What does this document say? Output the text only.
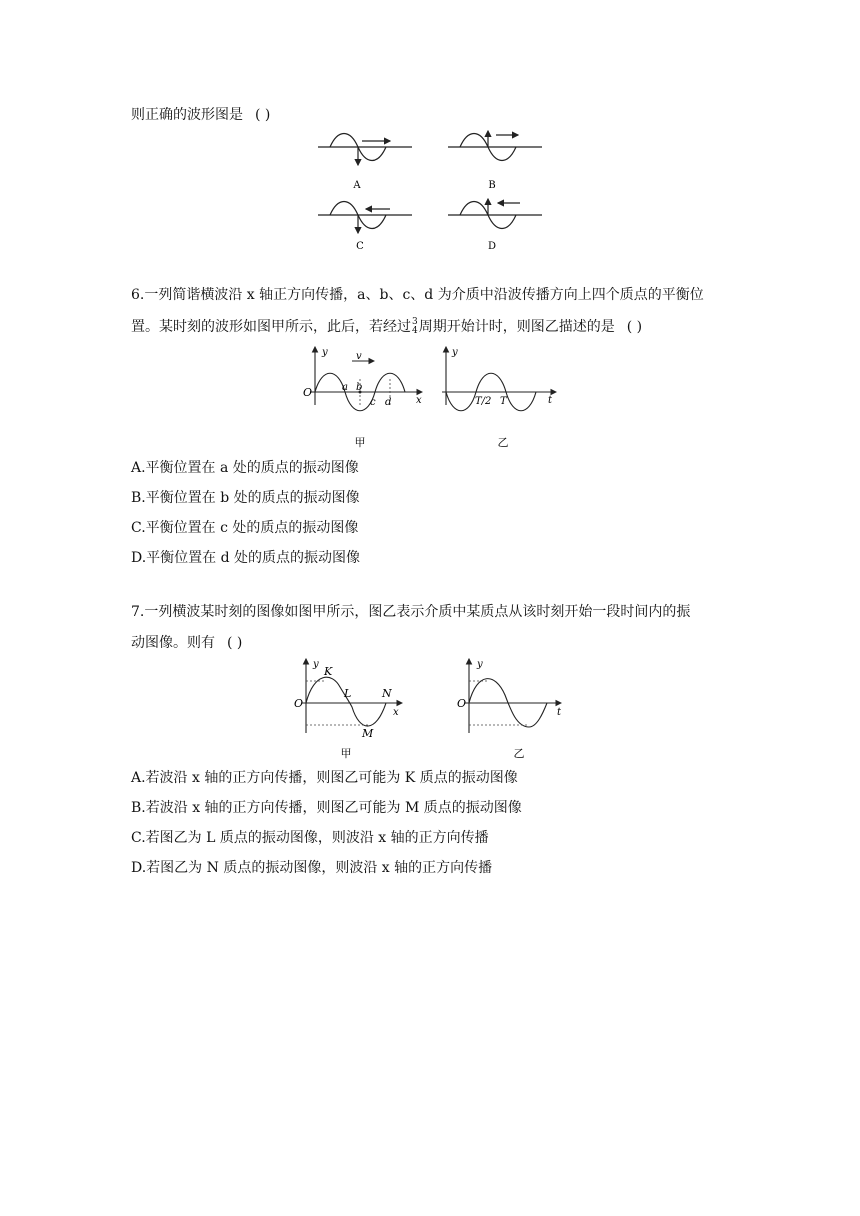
则正确的波形图是 ( )
A	B
C	D
6.一列简谐横波沿 x 轴正方向传播，a、b、c、d 为介质中沿波传播方向上四个质点的平衡位
置。某时刻的波形如图甲所示，此后，若经过 3
4 周期开始计时，则图乙描述的是 ( )
y	v
O	a b
c d x
甲
y
T/2 T	t
乙
A.平衡位置在 a 处的质点的振动图像
B.平衡位置在 b 处的质点的振动图像
C.平衡位置在 c 处的质点的振动图像
D.平衡位置在 d 处的质点的振动图像
7.一列横波某时刻的图像如图甲所示，图乙表示介质中某质点从该时刻开始一段时间内的振
动图像。则有 ( )
y
K
L	N
O
x
M
甲
y
O
t
乙
A.若波沿 x 轴的正方向传播，则图乙可能为 K 质点的振动图像
B.若波沿 x 轴的正方向传播，则图乙可能为 M 质点的振动图像
C.若图乙为 L 质点的振动图像，则波沿 x 轴的正方向传播
D.若图乙为 N 质点的振动图像，则波沿 x 轴的正方向传播
